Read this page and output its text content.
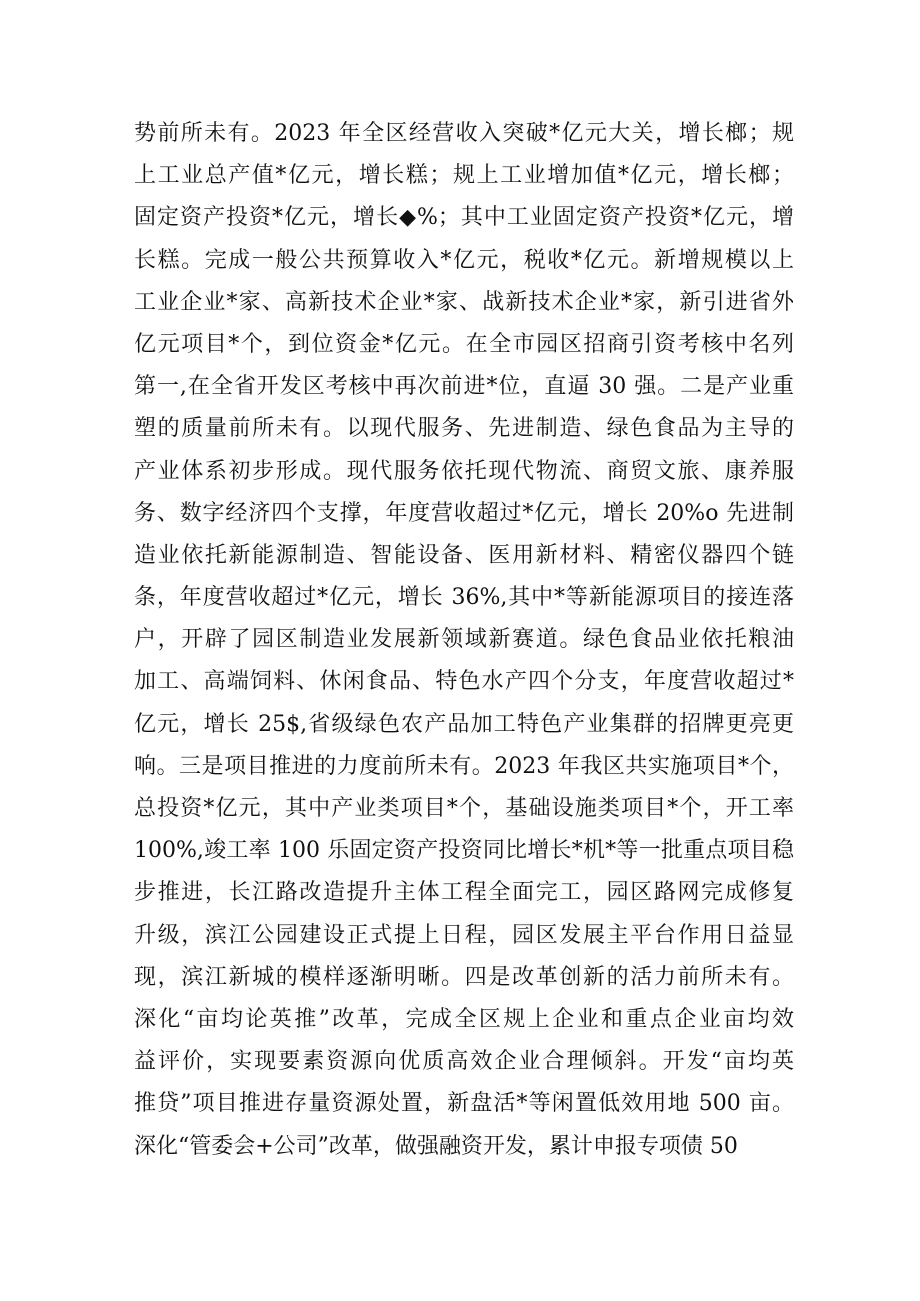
势前所未有。2023 年全区经营收入突破*亿元大关，增长榔；规
上工业总产值*亿元，增长糕；规上工业增加值*亿元，增长榔；
固定资产投资*亿元，增长◆%；其中工业固定资产投资*亿元，增
长糕。完成一般公共预算收入*亿元，税收*亿元。新增规模以上
工业企业*家、高新技术企业*家、战新技术企业*家，新引进省外
亿元项目*个，到位资金*亿元。在全市园区招商引资考核中名列
第一,在全省开发区考核中再次前进*位，直逼 30 强。二是产业重
塑的质量前所未有。以现代服务、先进制造、绿色食品为主导的
产业体系初步形成。现代服务依托现代物流、商贸文旅、康养服
务、数字经济四个支撑，年度营收超过*亿元，增长 20%o 先进制
造业依托新能源制造、智能设备、医用新材料、精密仪器四个链
条，年度营收超过*亿元，增长 36%,其中*等新能源项目的接连落
户，开辟了园区制造业发展新领域新赛道。绿色食品业依托粮油
加工、高端饲料、休闲食品、特色水产四个分支，年度营收超过*
亿元，增长 25$,省级绿色农产品加工特色产业集群的招牌更亮更
响。三是项目推进的力度前所未有。2023 年我区共实施项目*个，
总投资*亿元，其中产业类项目*个，基础设施类项目*个，开工率
100%,竣工率 100 乐固定资产投资同比增长*机*等一批重点项目稳
步推进，长江路改造提升主体工程全面完工，园区路网完成修复
升级，滨江公园建设正式提上日程，园区发展主平台作用日益显
现，滨江新城的模样逐渐明晰。四是改革创新的活力前所未有。
深化“亩均论英推”改革，完成全区规上企业和重点企业亩均效
益评价，实现要素资源向优质高效企业合理倾斜。开发“亩均英
推贷”项目推进存量资源处置，新盘活*等闲置低效用地 500 亩。
深化“管委会+公司”改革，做强融资开发，累计申报专项债 50
